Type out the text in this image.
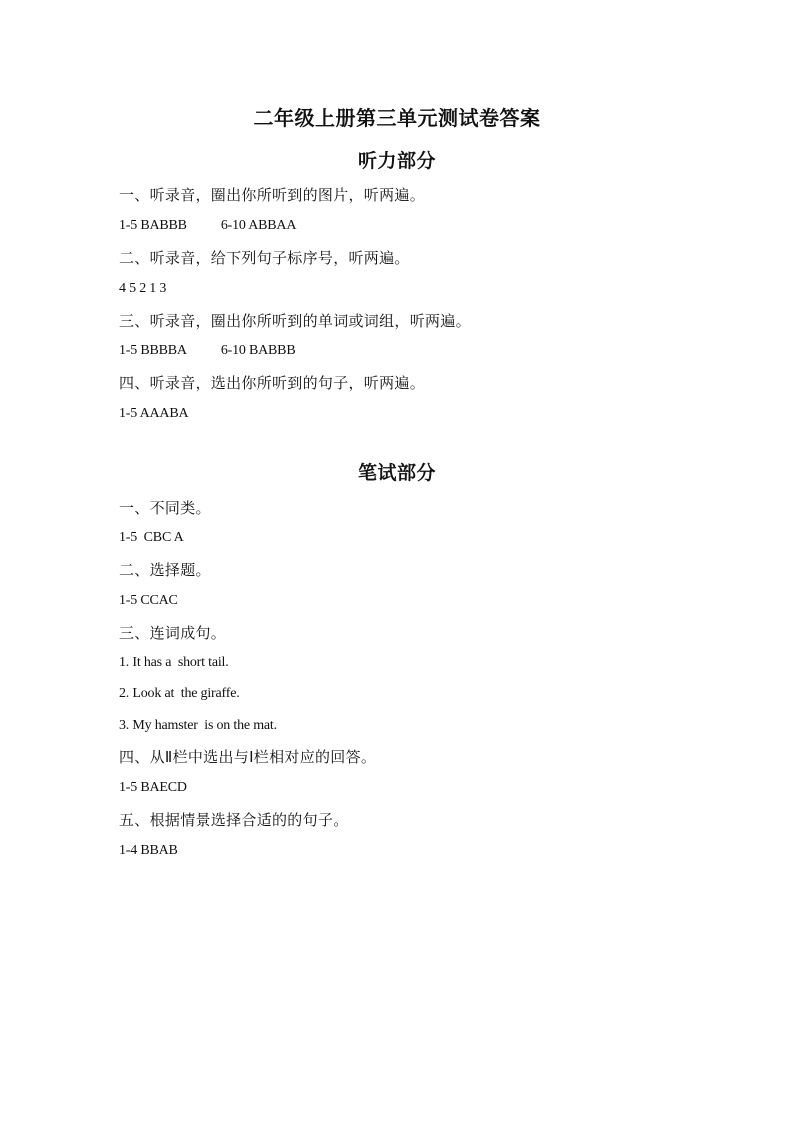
二年级上册第三单元测试卷答案
听力部分
一、听录音，圈出你所听到的图片，听两遍。
1-5 BABBB 6-10 ABBAA
二、听录音，给下列句子标序号，听两遍。
4 5 2 1 3
三、听录音，圈出你所听到的单词或词组，听两遍。
1-5 BBBBA 6-10 BABBB
四、听录音，选出你所听到的句子，听两遍。
1-5 AAABA
笔试部分
一、不同类。
1-5  CBC A
二、选择题。
1-5 CCAC
三、连词成句。
1. It has a  short tail.
2. Look at  the giraffe.
3. My hamster  is on the mat.
四、从Ⅱ栏中选出与Ⅰ栏相对应的回答。
1-5 BAECD
五、根据情景选择合适的的句子。
1-4 BBAB
